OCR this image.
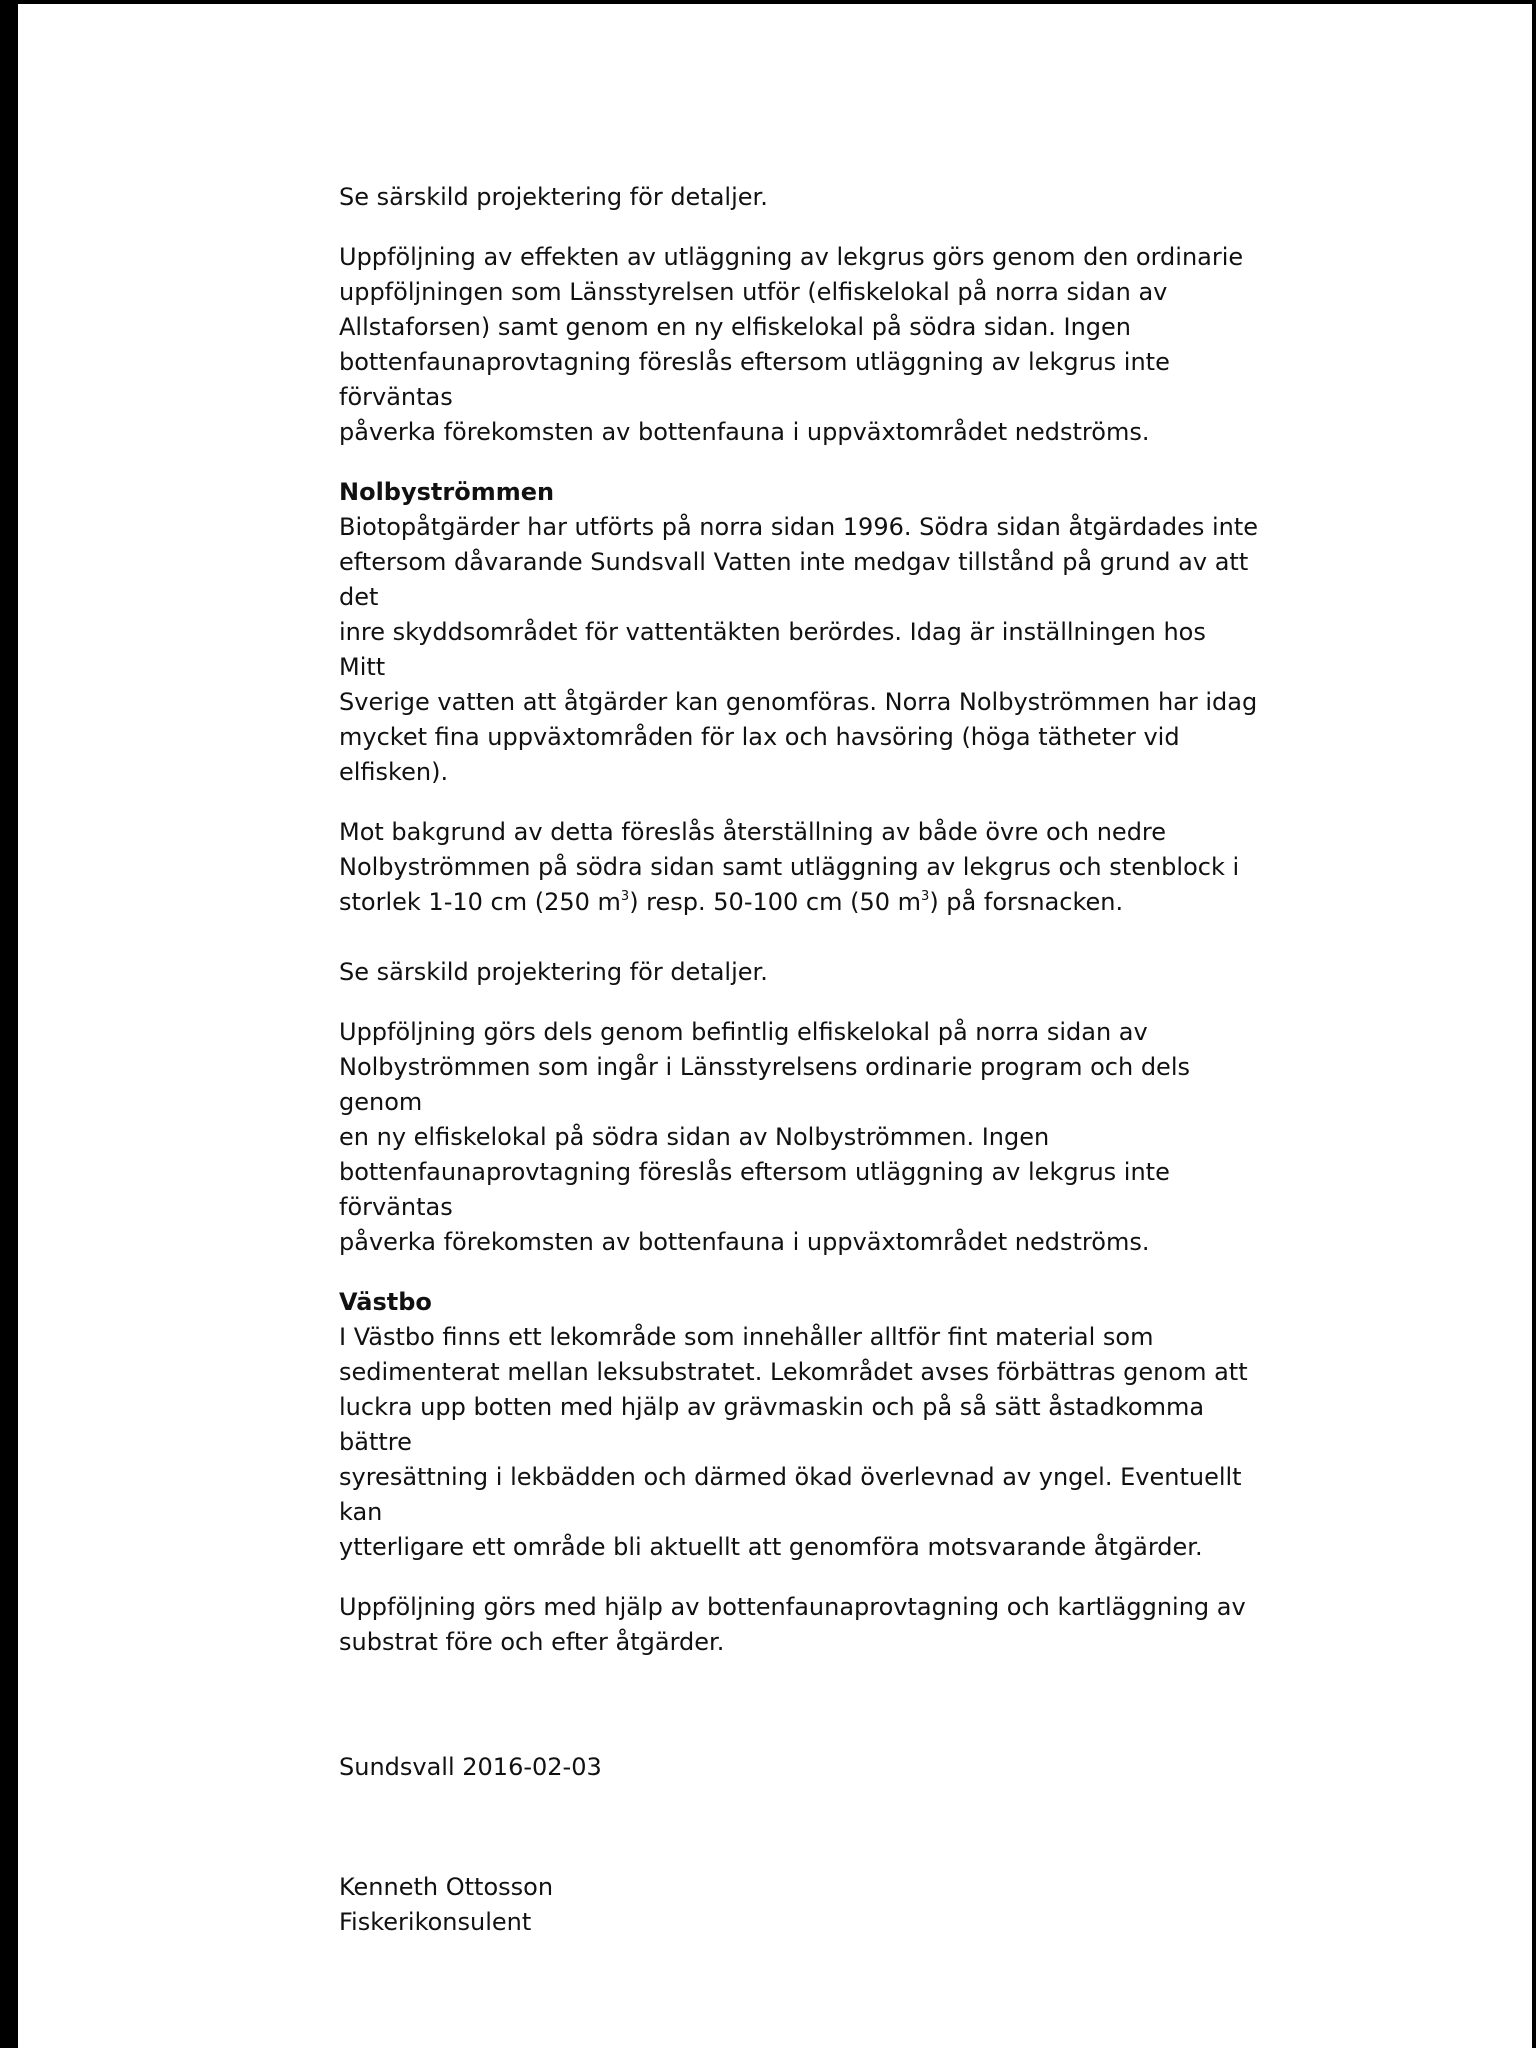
Se särskild projektering för detaljer.

Uppföljning av effekten av utläggning av lekgrus görs genom den ordinarie
uppföljningen som Länsstyrelsen utför (elfiskelokal på norra sidan av
Allstaforsen) samt genom en ny elfiskelokal på södra sidan. Ingen
bottenfaunaprovtagning föreslås eftersom utläggning av lekgrus inte förväntas
påverka förekomsten av bottenfauna i uppväxtområdet nedströms.

Nolbyströmmen

Biotopåtgärder har utförts på norra sidan 1996. Södra sidan åtgärdades inte
eftersom dåvarande Sundsvall Vatten inte medgav tillstånd på grund av att det
inre skyddsområdet för vattentäkten berördes. Idag är inställningen hos Mitt
Sverige vatten att åtgärder kan genomföras. Norra Nolbyströmmen har idag
mycket fina uppväxtområden för lax och havsöring (höga tätheter vid elfisken).

Mot bakgrund av detta föreslås återställning av både övre och nedre
Nolbyströmmen på södra sidan samt utläggning av lekgrus och stenblock i
storlek 1-10 cm (250 $m^3$) resp. 50-100 cm (50 $m^3$) på forsnacken.

Se särskild projektering för detaljer.

Uppföljning görs dels genom befintlig elfiskelokal på norra sidan av
Nolbyströmmen som ingår i Länsstyrelsens ordinarie program och dels genom
en ny elfiskelokal på södra sidan av Nolbyströmmen. Ingen
bottenfaunaprovtagning föreslås eftersom utläggning av lekgrus inte förväntas
påverka förekomsten av bottenfauna i uppväxtområdet nedströms.

Västbo

I Västbo finns ett lekområde som innehåller alltför fint material som
sedimenterat mellan leksubstratet. Lekområdet avses förbättras genom att
luckra upp botten med hjälp av grävmaskin och på så sätt åstadkomma bättre
syresättning i lekbädden och därmed ökad överlevnad av yngel. Eventuellt kan
ytterligare ett område bli aktuellt att genomföra motsvarande åtgärder.

Uppföljning görs med hjälp av bottenfaunaprovtagning och kartläggning av
substrat före och efter åtgärder.

Sundsvall 2016-02-03

Kenneth Ottosson

Fiskerikonsulent
